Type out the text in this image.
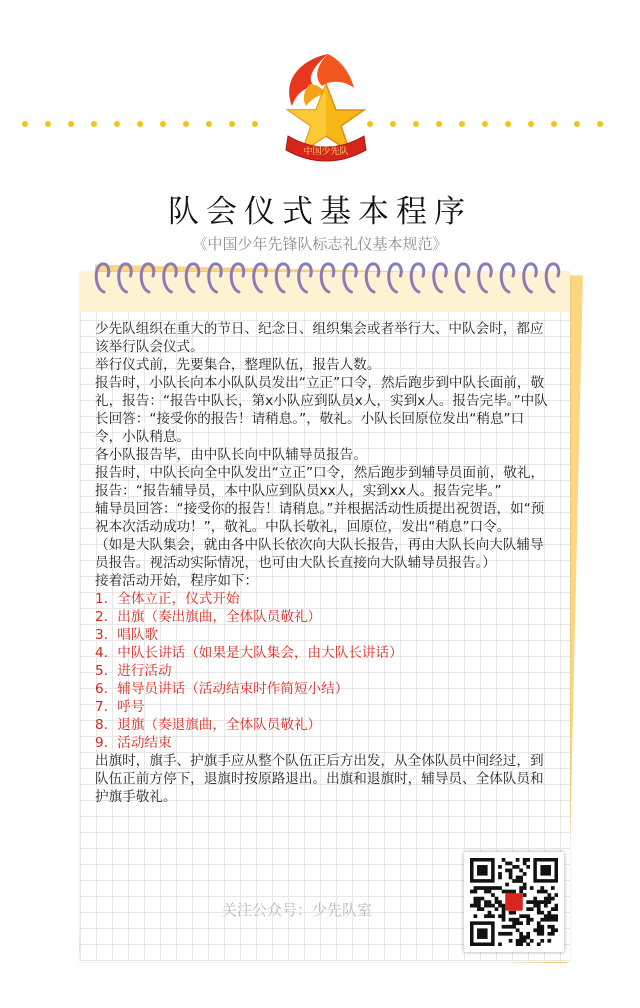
中国少先队
队会仪式基本程序
《中国少年先锋队标志礼仪基本规范》

少先队组织在重大的节日、纪念日、组织集会或者举行大、中队会时，都应该举行队会仪式。

举行仪式前，先要集合，整理队伍，报告人数。

报告时，小队长向本小队队员发出“立正”口令，然后跑步到中队长面前，敬礼，报告：“报告中队长，第x小队应到队员x人，实到x人。报告完毕。”中队长回答：“接受你的报告！请稍息。”，敬礼。小队长回原位发出“稍息”口令，小队稍息。

各小队报告毕，由中队长向中队辅导员报告。

报告时，中队长向全中队发出“立正”口令，然后跑步到辅导员面前，敬礼，报告：“报告辅导员，本中队应到队员xx人，实到xx人。报告完毕。”

辅导员回答：“接受你的报告！请稍息。”并根据活动性质提出祝贺语，如“预祝本次活动成功！”，敬礼。中队长敬礼，回原位，发出“稍息”口令。

（如是大队集会，就由各中队长依次向大队长报告，再由大队长向大队辅导员报告。视活动实际情况，也可由大队长直接向大队辅导员报告。）

接着活动开始，程序如下：

1．全体立正，仪式开始

2．出旗（奏出旗曲，全体队员敬礼）

3．唱队歌

4．中队长讲话（如果是大队集会，由大队长讲话）

5．进行活动

6．辅导员讲话（活动结束时作简短小结）

7．呼号

8．退旗（奏退旗曲，全体队员敬礼）

9．活动结束

出旗时，旗手、护旗手应从整个队伍正后方出发，从全体队员中间经过，到队伍正前方停下，退旗时按原路退出。出旗和退旗时，辅导员、全体队员和护旗手敬礼。

关注公众号：少先队室
